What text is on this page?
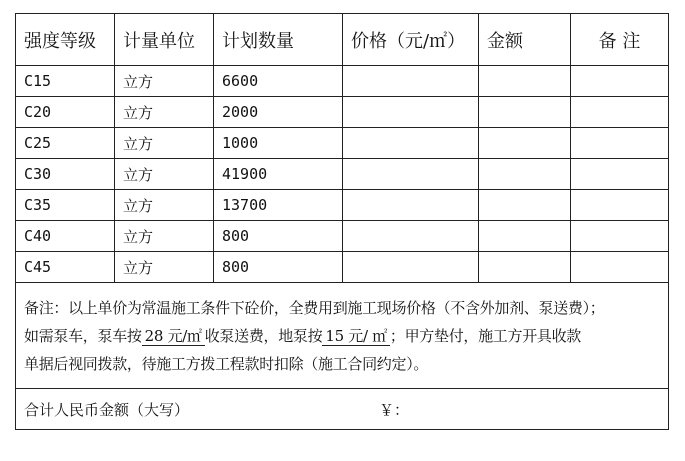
强度等级	计量单位	计划数量	价格（元/㎡）	金额	备 注
C15	立方	6600			
C20	立方	2000			
C25	立方	1000			
C30	立方	41900			
C35	立方	13700			
C40	立方	800			
C45	立方	800			

备注：以上单价为常温施工条件下砼价，全费用到施工现场价格（不含外加剂、泵送费）；
如需泵车，泵车按 28 元/㎡ 收泵送费，地泵按 15 元/ ㎡ ；甲方垫付，施工方开具收款
单据后视同拨款，待施工方拨工程款时扣除（施工合同约定）。					

合计人民币金额（大写） ￥：					
